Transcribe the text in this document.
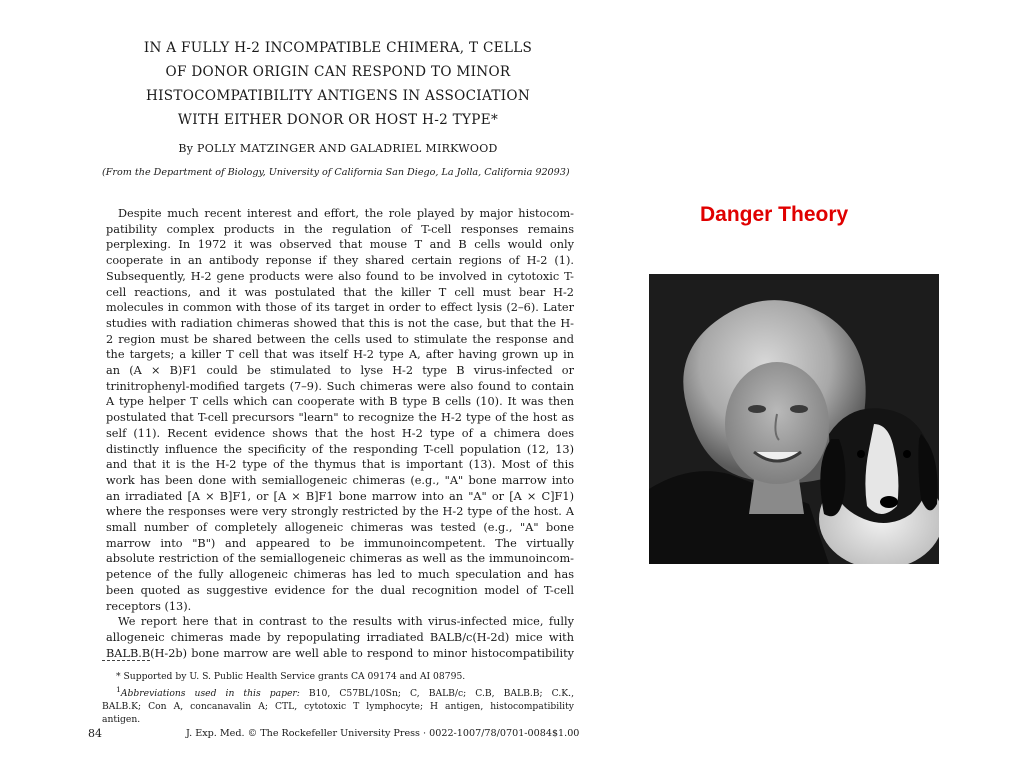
IN A FULLY H-2 INCOMPATIBLE CHIMERA, T CELLS
OF DONOR ORIGIN CAN RESPOND TO MINOR
HISTOCOMPATIBILITY ANTIGENS IN ASSOCIATION
WITH EITHER DONOR OR HOST H-2 TYPE*
By POLLY MATZINGER AND GALADRIEL MIRKWOOD
(From the Department of Biology, University of California San Diego, La Jolla, California 92093)
Despite much recent interest and effort, the role played by major histocom-
patibility complex products in the regulation of T-cell responses remains
perplexing. In 1972 it was observed that mouse T and B cells would only
cooperate in an antibody reponse if they shared certain regions of H-2 (1).
Subsequently, H-2 gene products were also found to be involved in cytotoxic T-
cell reactions, and it was postulated that the killer T cell must bear H-2
molecules in common with those of its target in order to effect lysis (2–6). Later
studies with radiation chimeras showed that this is not the case, but that the H-
2 region must be shared between the cells used to stimulate the response and
the targets; a killer T cell that was itself H-2 type A, after having grown up in
an (A × B)F1 could be stimulated to lyse H-2 type B virus-infected or
trinitrophenyl-modified targets (7–9). Such chimeras were also found to contain
A type helper T cells which can cooperate with B type B cells (10). It was then
postulated that T-cell precursors "learn" to recognize the H-2 type of the host as
self (11). Recent evidence shows that the host H-2 type of a chimera does
distinctly influence the specificity of the responding T-cell population (12, 13)
and that it is the H-2 type of the thymus that is important (13). Most of this
work has been done with semiallogeneic chimeras (e.g., "A" bone marrow into
an irradiated [A × B]F1, or [A × B]F1 bone marrow into an "A" or [A × C]F1)
where the responses were very strongly restricted by the H-2 type of the host. A
small number of completely allogeneic chimeras was tested (e.g., "A" bone
marrow into "B") and appeared to be immunoincompetent. The virtually
absolute restriction of the semiallogeneic chimeras as well as the immunoincom-
petence of the fully allogeneic chimeras has led to much speculation and has
been quoted as suggestive evidence for the dual recognition model of T-cell
receptors (13).
We report here that in contrast to the results with virus-infected mice, fully
allogeneic chimeras made by repopulating irradiated BALB/c(H-2d) mice with
BALB.B(H-2b) bone marrow are well able to respond to minor histocompatibility
* Supported by U. S. Public Health Service grants CA 09174 and AI 08795.
$^1$Abbreviations used in this paper: B10, C57BL/10Sn; C, BALB/c; C.B, BALB.B; C.K.,
BALB.K; Con A, concanavalin A; CTL, cytotoxic T lymphocyte; H antigen, histocompatibility
antigen.
84	J. Exp. Med. © The Rockefeller University Press · 0022-1007/78/0701-0084$1.00
Danger Theory
